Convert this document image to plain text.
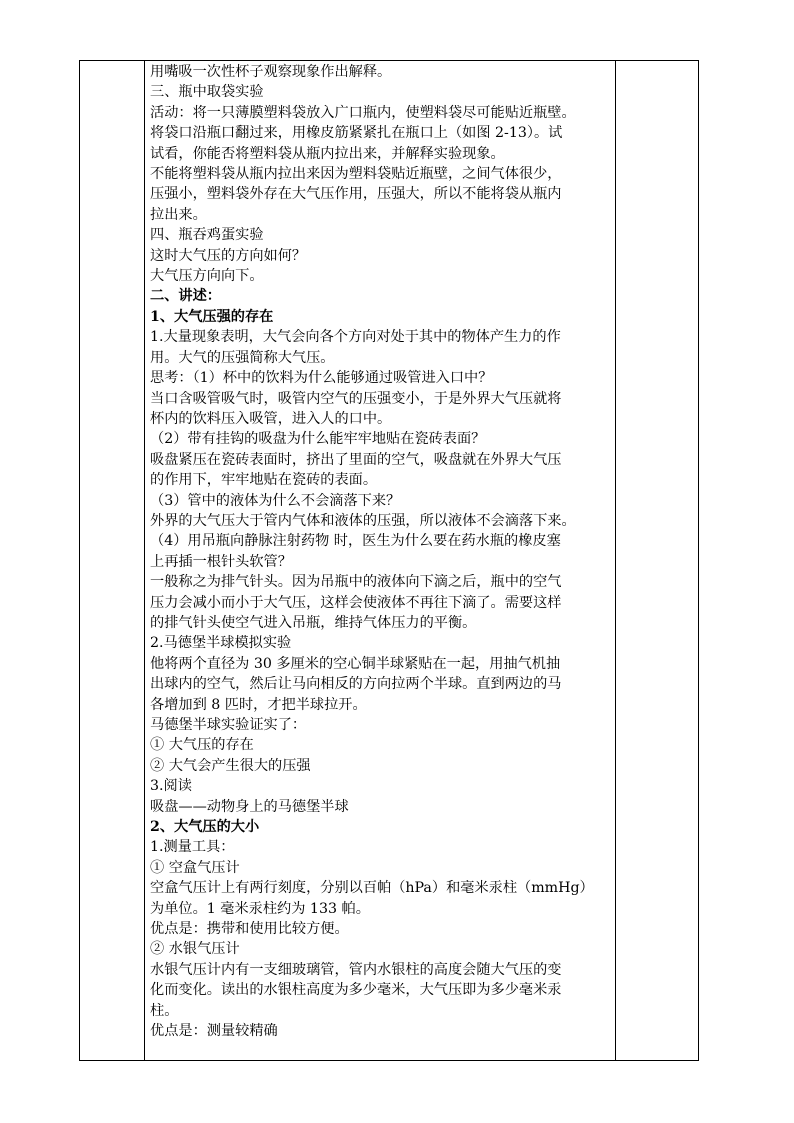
用嘴吸一次性杯子观察现象作出解释。
三、瓶中取袋实验
活动：将一只薄膜塑料袋放入广口瓶内，使塑料袋尽可能贴近瓶壁。
将袋口沿瓶口翻过来，用橡皮筋紧紧扎在瓶口上（如图 2-13）。试
试看，你能否将塑料袋从瓶内拉出来，并解释实验现象。
不能将塑料袋从瓶内拉出来因为塑料袋贴近瓶壁，之间气体很少，
压强小，塑料袋外存在大气压作用，压强大，所以不能将袋从瓶内
拉出来。
四、瓶吞鸡蛋实验
这时大气压的方向如何？
大气压方向向下。
二、讲述：
1、大气压强的存在
1.大量现象表明，大气会向各个方向对处于其中的物体产生力的作
用。大气的压强简称大气压。
思考：（1）杯中的饮料为什么能够通过吸管进入口中？
当口含吸管吸气时，吸管内空气的压强变小，于是外界大气压就将
杯内的饮料压入吸管，进入人的口中。
（2）带有挂钩的吸盘为什么能牢牢地贴在瓷砖表面？
吸盘紧压在瓷砖表面时，挤出了里面的空气，吸盘就在外界大气压
的作用下，牢牢地贴在瓷砖的表面。
（3）管中的液体为什么不会滴落下来？
外界的大气压大于管内气体和液体的压强，所以液体不会滴落下来。
（4）用吊瓶向静脉注射药物 时，医生为什么要在药水瓶的橡皮塞
上再插一根针头软管？
一般称之为排气针头。因为吊瓶中的液体向下滴之后，瓶中的空气
压力会减小而小于大气压，这样会使液体不再往下滴了。需要这样
的排气针头使空气进入吊瓶，维持气体压力的平衡。
2.马德堡半球模拟实验
他将两个直径为 30 多厘米的空心铜半球紧贴在一起，用抽气机抽
出球内的空气，然后让马向相反的方向拉两个半球。直到两边的马
各增加到 8 匹时，才把半球拉开。
马德堡半球实验证实了：
① 大气压的存在
② 大气会产生很大的压强
3.阅读
吸盘——动物身上的马德堡半球
2、大气压的大小
1.测量工具：
① 空盒气压计
空盒气压计上有两行刻度，分别以百帕（hPa）和毫米汞柱（mmHg）
为单位。1 毫米汞柱约为 133 帕。
优点是：携带和使用比较方便。
② 水银气压计
水银气压计内有一支细玻璃管，管内水银柱的高度会随大气压的变
化而变化。读出的水银柱高度为多少毫米，大气压即为多少毫米汞
柱。
优点是：测量较精确
